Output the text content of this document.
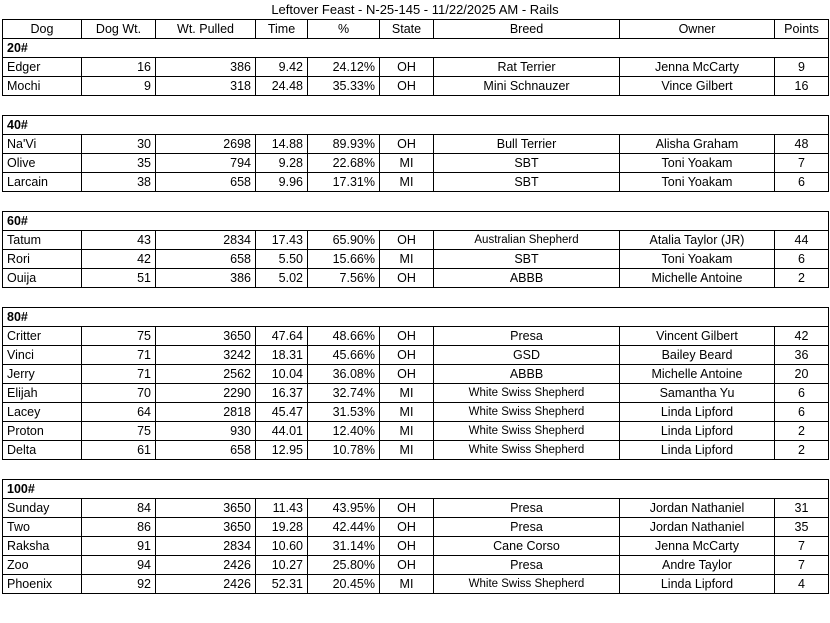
Leftover Feast - N-25-145 - 11/22/2025 AM - Rails
Dog	Dog Wt.	Wt. Pulled	Time	%	State	Breed	Owner	Points
20#								
Edger	16	386	9.42	24.12%	OH	Rat Terrier	Jenna McCarty	9
Mochi	9	318	24.48	35.33%	OH	Mini Schnauzer	Vince Gilbert	16

40#								
Na'Vi	30	2698	14.88	89.93%	OH	Bull Terrier	Alisha Graham	48
Olive	35	794	9.28	22.68%	MI	SBT	Toni Yoakam	7
Larcain	38	658	9.96	17.31%	MI	SBT	Toni Yoakam	6

60#								
Tatum	43	2834	17.43	65.90%	OH	Australian Shepherd	Atalia Taylor (JR)	44
Rori	42	658	5.50	15.66%	MI	SBT	Toni Yoakam	6
Ouija	51	386	5.02	7.56%	OH	ABBB	Michelle Antoine	2

80#								
Critter	75	3650	47.64	48.66%	OH	Presa	Vincent Gilbert	42
Vinci	71	3242	18.31	45.66%	OH	GSD	Bailey Beard	36
Jerry	71	2562	10.04	36.08%	OH	ABBB	Michelle Antoine	20
Elijah	70	2290	16.37	32.74%	MI	White Swiss Shepherd	Samantha Yu	6
Lacey	64	2818	45.47	31.53%	MI	White Swiss Shepherd	Linda Lipford	6
Proton	75	930	44.01	12.40%	MI	White Swiss Shepherd	Linda Lipford	2
Delta	61	658	12.95	10.78%	MI	White Swiss Shepherd	Linda Lipford	2

100#								
Sunday	84	3650	11.43	43.95%	OH	Presa	Jordan Nathaniel	31
Two	86	3650	19.28	42.44%	OH	Presa	Jordan Nathaniel	35
Raksha	91	2834	10.60	31.14%	OH	Cane Corso	Jenna McCarty	7
Zoo	94	2426	10.27	25.80%	OH	Presa	Andre Taylor	7
Phoenix	92	2426	52.31	20.45%	MI	White Swiss Shepherd	Linda Lipford	4
